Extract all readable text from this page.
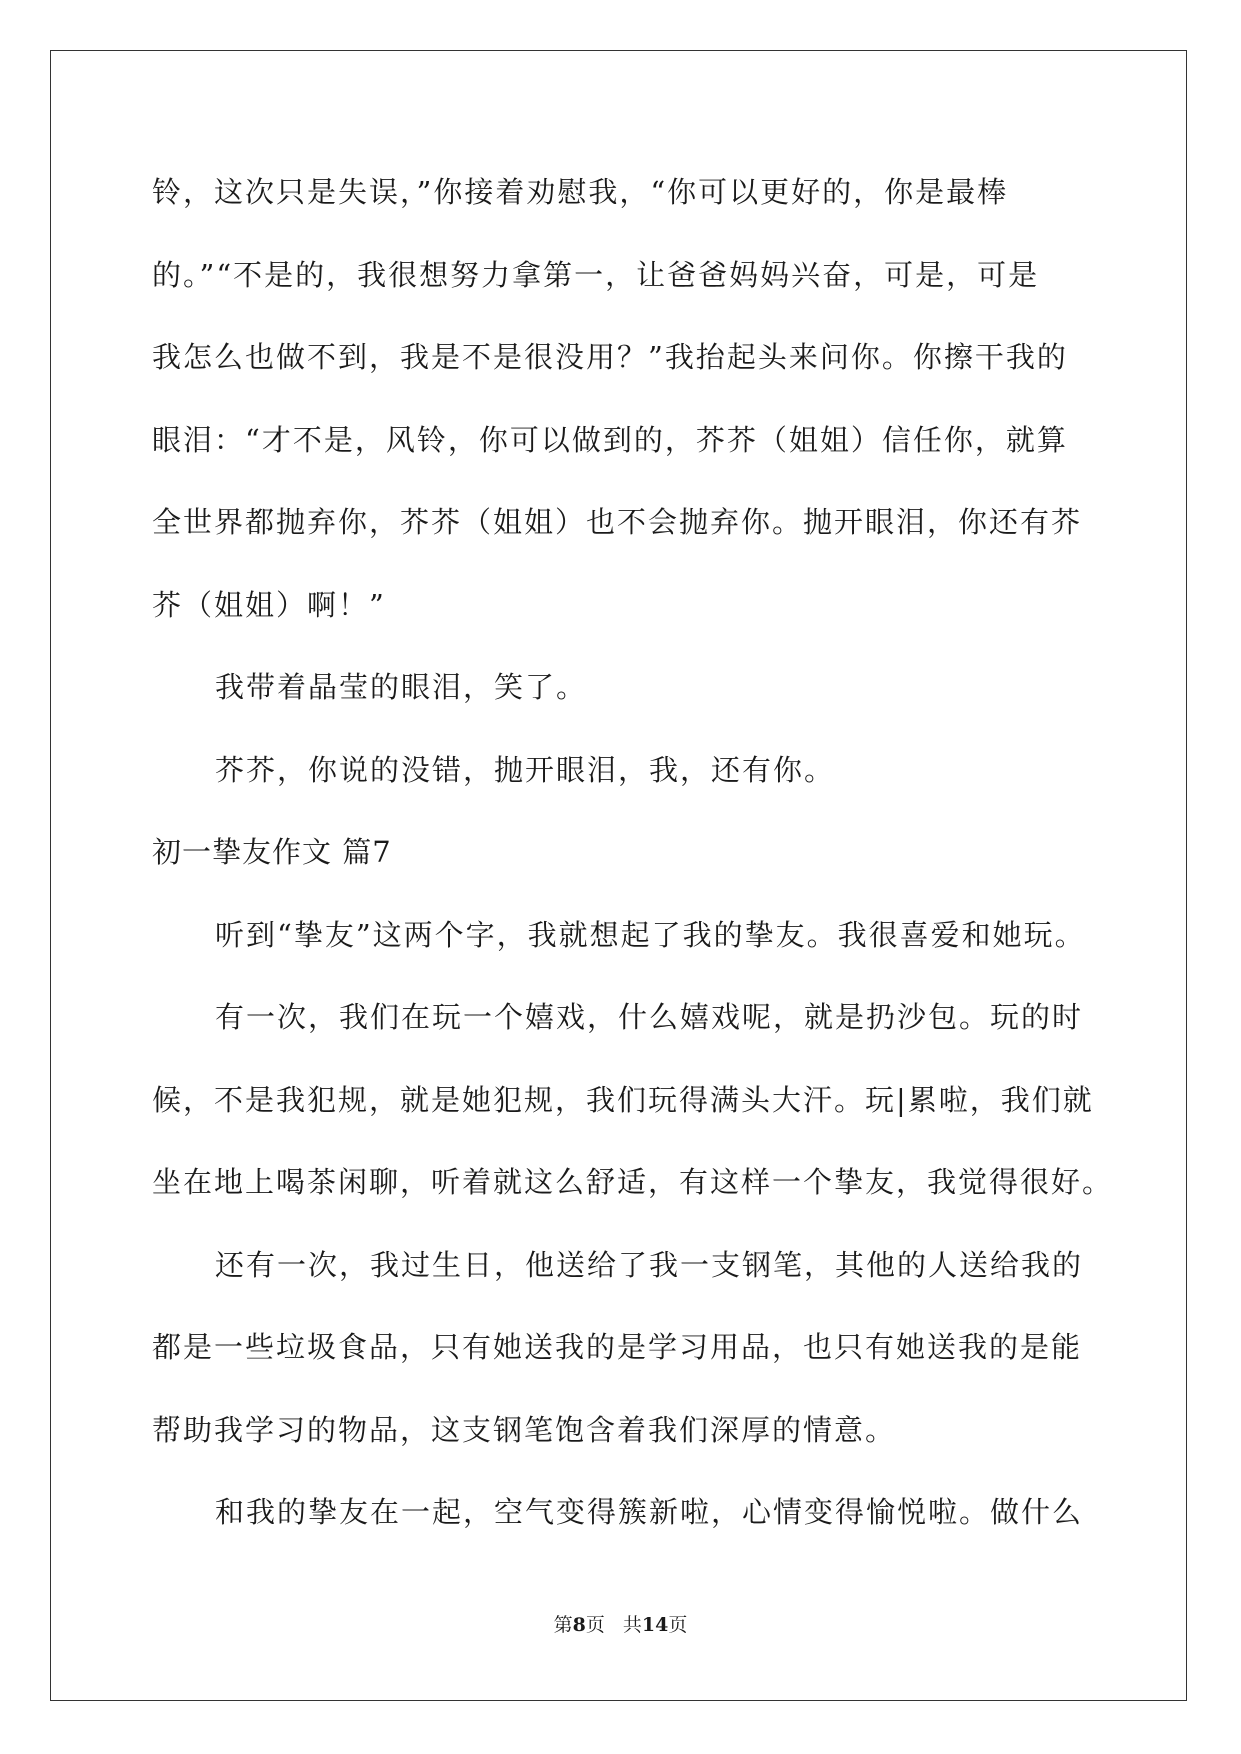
铃，这次只是失误，”你接着劝慰我，“你可以更好的，你是最棒
的。”“不是的，我很想努力拿第一，让爸爸妈妈兴奋，可是，可是
我怎么也做不到，我是不是很没用？”我抬起头来问你。你擦干我的
眼泪：“才不是，风铃，你可以做到的，芥芥（姐姐）信任你，就算
全世界都抛弃你，芥芥（姐姐）也不会抛弃你。抛开眼泪，你还有芥
芥（姐姐）啊！”
我带着晶莹的眼泪，笑了。
芥芥，你说的没错，抛开眼泪，我，还有你。
初一挚友作文 篇7
听到“挚友”这两个字，我就想起了我的挚友。我很喜爱和她玩。
有一次，我们在玩一个嬉戏，什么嬉戏呢，就是扔沙包。玩的时
候，不是我犯规，就是她犯规，我们玩得满头大汗。玩|累啦，我们就
坐在地上喝茶闲聊，听着就这么舒适，有这样一个挚友，我觉得很好。
还有一次，我过生日，他送给了我一支钢笔，其他的人送给我的
都是一些垃圾食品，只有她送我的是学习用品，也只有她送我的是能
帮助我学习的物品，这支钢笔饱含着我们深厚的情意。
和我的挚友在一起，空气变得簇新啦，心情变得愉悦啦。做什么
第8页 共14页
